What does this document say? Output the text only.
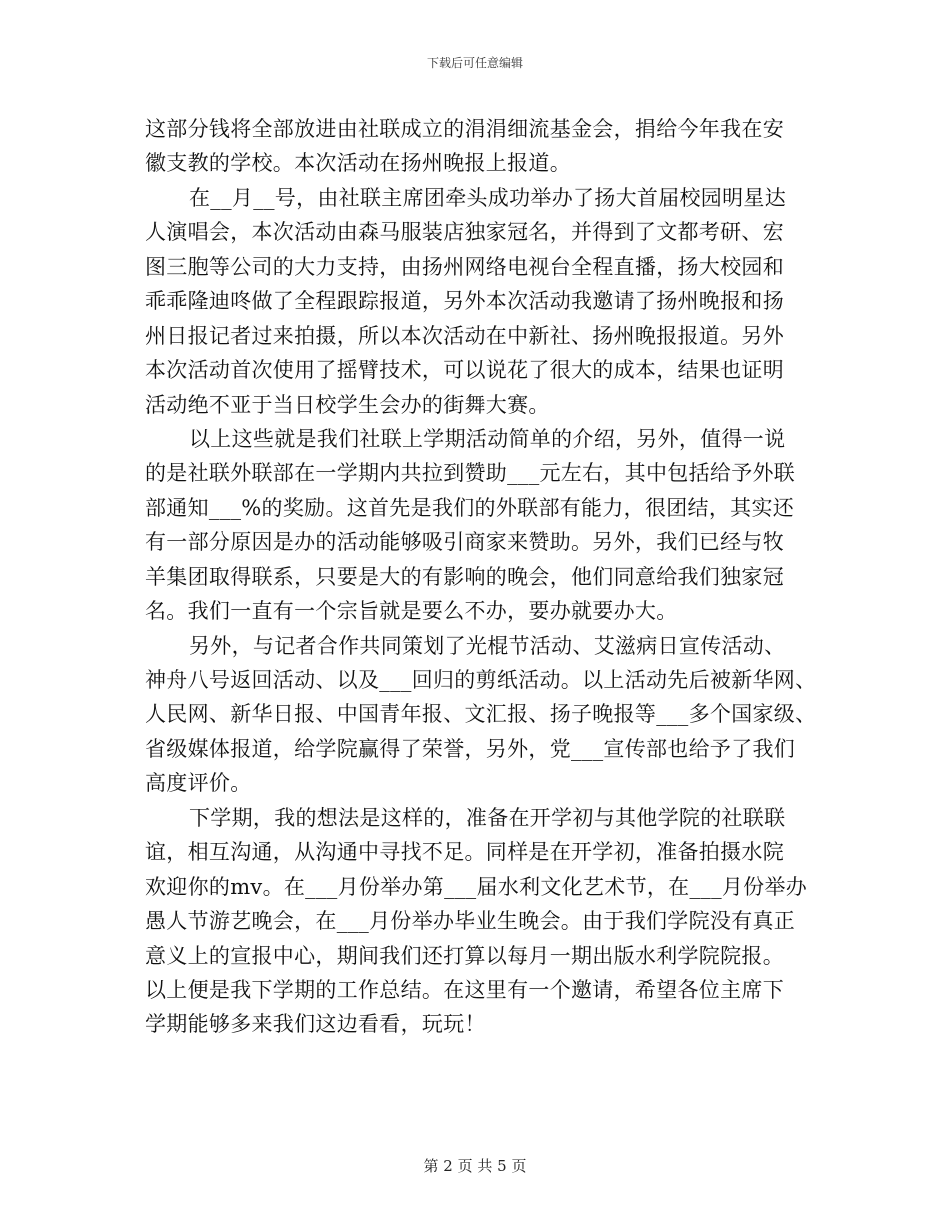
下载后可任意编辑
这部分钱将全部放进由社联成立的涓涓细流基金会，捐给今年我在安
徽支教的学校。本次活动在扬州晚报上报道。
在__月__号，由社联主席团牵头成功举办了扬大首届校园明星达
人演唱会，本次活动由森马服装店独家冠名，并得到了文都考研、宏
图三胞等公司的大力支持，由扬州网络电视台全程直播，扬大校园和
乖乖隆迪咚做了全程跟踪报道，另外本次活动我邀请了扬州晚报和扬
州日报记者过来拍摄，所以本次活动在中新社、扬州晚报报道。另外
本次活动首次使用了摇臂技术，可以说花了很大的成本，结果也证明
活动绝不亚于当日校学生会办的街舞大赛。
以上这些就是我们社联上学期活动简单的介绍，另外，值得一说
的是社联外联部在一学期内共拉到赞助___元左右，其中包括给予外联
部通知___%的奖励。这首先是我们的外联部有能力，很团结，其实还
有一部分原因是办的活动能够吸引商家来赞助。另外，我们已经与牧
羊集团取得联系，只要是大的有影响的晚会，他们同意给我们独家冠
名。我们一直有一个宗旨就是要么不办，要办就要办大。
另外，与记者合作共同策划了光棍节活动、艾滋病日宣传活动、
神舟八号返回活动、以及___回归的剪纸活动。以上活动先后被新华网、
人民网、新华日报、中国青年报、文汇报、扬子晚报等___多个国家级、
省级媒体报道，给学院赢得了荣誉，另外，党___宣传部也给予了我们
高度评价。
下学期，我的想法是这样的，准备在开学初与其他学院的社联联
谊，相互沟通，从沟通中寻找不足。同样是在开学初，准备拍摄水院
欢迎你的mv。在___月份举办第___届水利文化艺术节，在___月份举办
愚人节游艺晚会，在___月份举办毕业生晚会。由于我们学院没有真正
意义上的宣报中心，期间我们还打算以每月一期出版水利学院院报。
以上便是我下学期的工作总结。在这里有一个邀请，希望各位主席下
学期能够多来我们这边看看，玩玩！
第 2 页 共 5 页
